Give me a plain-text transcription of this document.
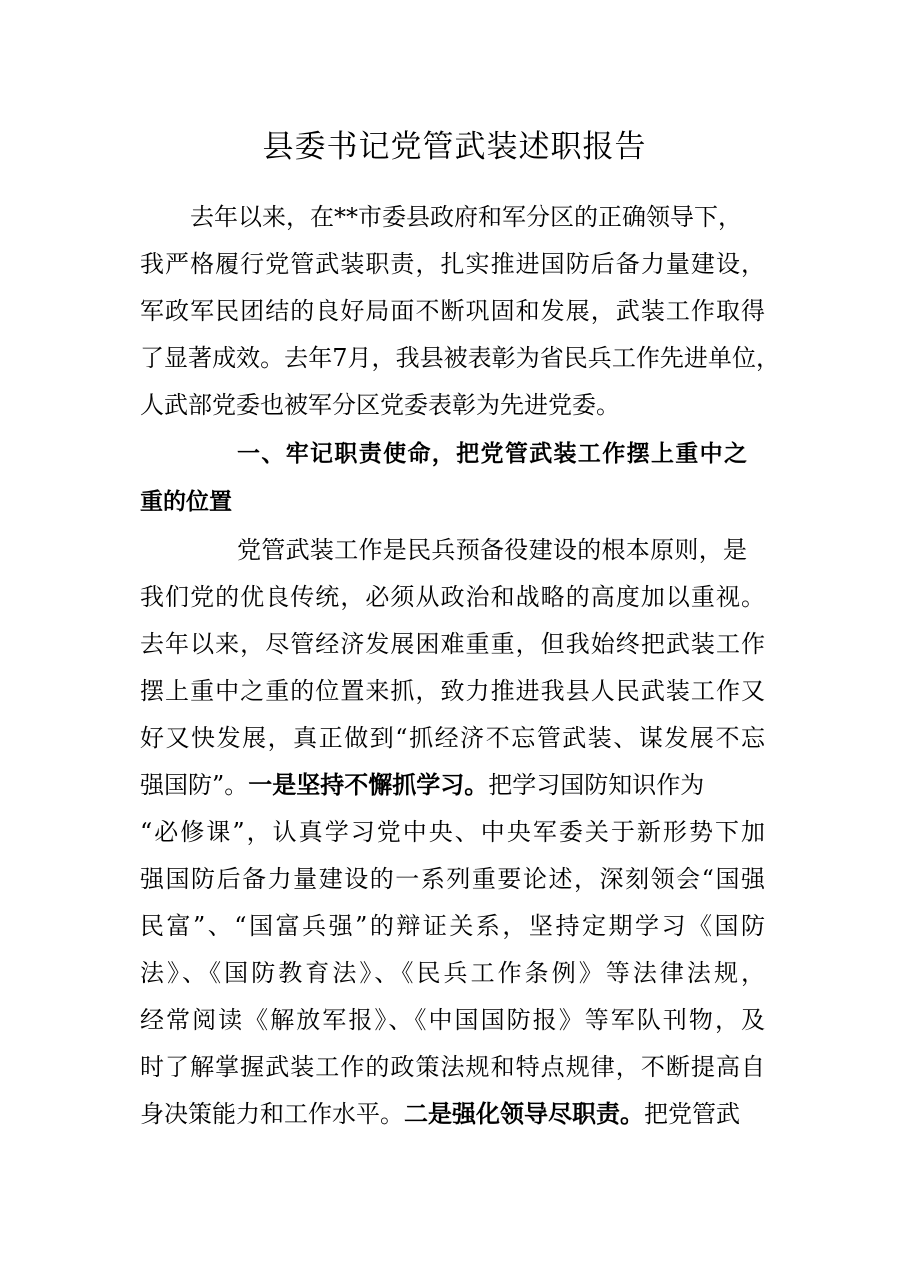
县委书记党管武装述职报告
去年以来，在**市委县政府和军分区的正确领导下，
我严格履行党管武装职责，扎实推进国防后备力量建设，
军政军民团结的良好局面不断巩固和发展，武装工作取得
了显著成效。去年7月，我县被表彰为省民兵工作先进单位，
人武部党委也被军分区党委表彰为先进党委。
一、牢记职责使命，把党管武装工作摆上重中之
重的位置
党管武装工作是民兵预备役建设的根本原则，是
我们党的优良传统，必须从政治和战略的高度加以重视。
去年以来，尽管经济发展困难重重，但我始终把武装工作
摆上重中之重的位置来抓，致力推进我县人民武装工作又
好又快发展，真正做到“抓经济不忘管武装、谋发展不忘
强国防”。一是坚持不懈抓学习。把学习国防知识作为
“必修课”，认真学习党中央、中央军委关于新形势下加
强国防后备力量建设的一系列重要论述，深刻领会“国强
民富”、“国富兵强”的辩证关系，坚持定期学习《国防
法》、《国防教育法》、《民兵工作条例》等法律法规，
经常阅读《解放军报》、《中国国防报》等军队刊物，及
时了解掌握武装工作的政策法规和特点规律，不断提高自
身决策能力和工作水平。二是强化领导尽职责。把党管武
